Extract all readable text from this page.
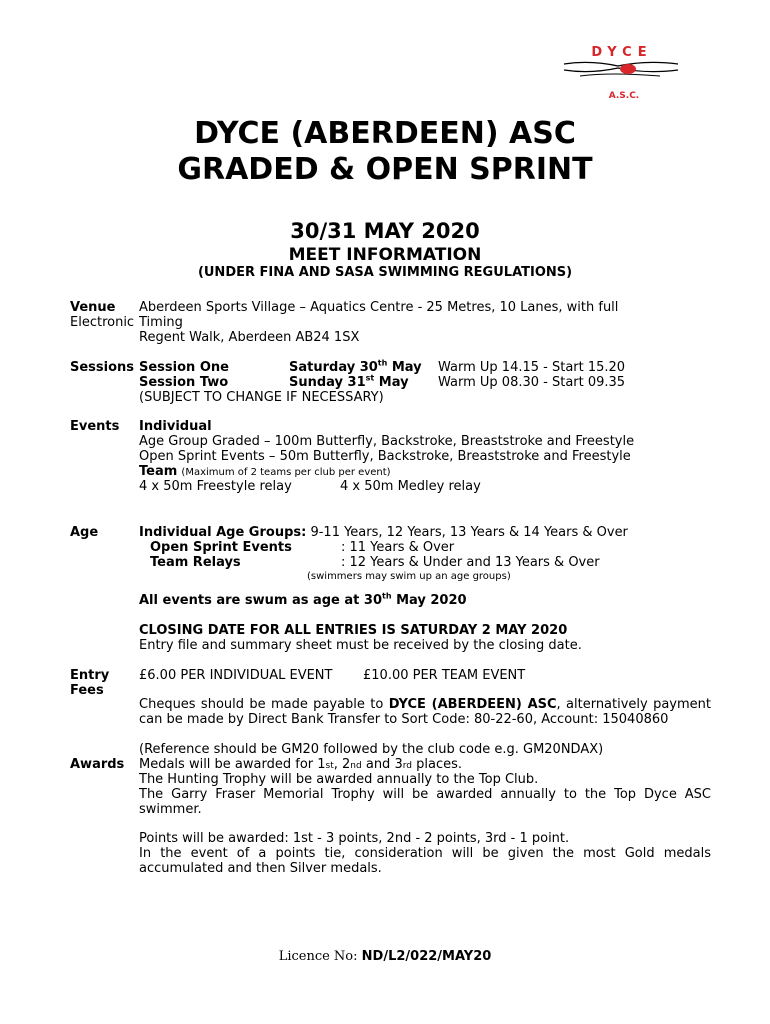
DYCE
A.S.C.
DYCE (ABERDEEN) ASC
GRADED & OPEN SPRINT
30/31 MAY 2020
MEET INFORMATION
(UNDER FINA AND SASA SWIMMING REGULATIONS)
Venue Aberdeen Sports Village – Aquatics Centre - 25 Metres, 10 Lanes, with full
Electronic Timing
Regent Walk, Aberdeen AB24 1SX
Sessions Session One	Saturday 30th May Warm Up 14.15 - Start 15.20
Session Two	Sunday 31st May Warm Up 08.30 - Start 09.35
(SUBJECT TO CHANGE IF NECESSARY)
Events Individual
Age Group Graded – 100m Butterfly, Backstroke, Breaststroke and Freestyle
Open Sprint Events – 50m Butterfly, Backstroke, Breaststroke and Freestyle
Team (Maximum of 2 teams per club per event)
4 x 50m Freestyle relay	4 x 50m Medley relay
Age	Individual Age Groups: 9-11 Years, 12 Years, 13 Years & 14 Years & Over
Open Sprint Events	: 11 Years & Over
Team Relays	: 12 Years & Under and 13 Years & Over
(swimmers may swim up an age groups)
All events are swum as age at 30th May 2020
CLOSING DATE FOR ALL ENTRIES IS SATURDAY 2 MAY 2020
Entry file and summary sheet must be received by the closing date.
Entry
Fees
£6.00 PER INDIVIDUAL EVENT £10.00 PER TEAM EVENT
Cheques should be made payable to DYCE (ABERDEEN) ASC, alternatively payment can be made by Direct Bank Transfer to Sort Code: 80-22-60, Account: 15040860
(Reference should be GM20 followed by the club code e.g. GM20NDAX)
Awards Medals will be awarded for 1st, 2nd and 3rd places.
The Hunting Trophy will be awarded annually to the Top Club.
The Garry Fraser Memorial Trophy will be awarded annually to the Top Dyce ASC swimmer.
Points will be awarded: 1st - 3 points, 2nd - 2 points, 3rd - 1 point.
In the event of a points tie, consideration will be given the most Gold medals accumulated and then Silver medals.
Licence No: ND/L2/022/MAY20
